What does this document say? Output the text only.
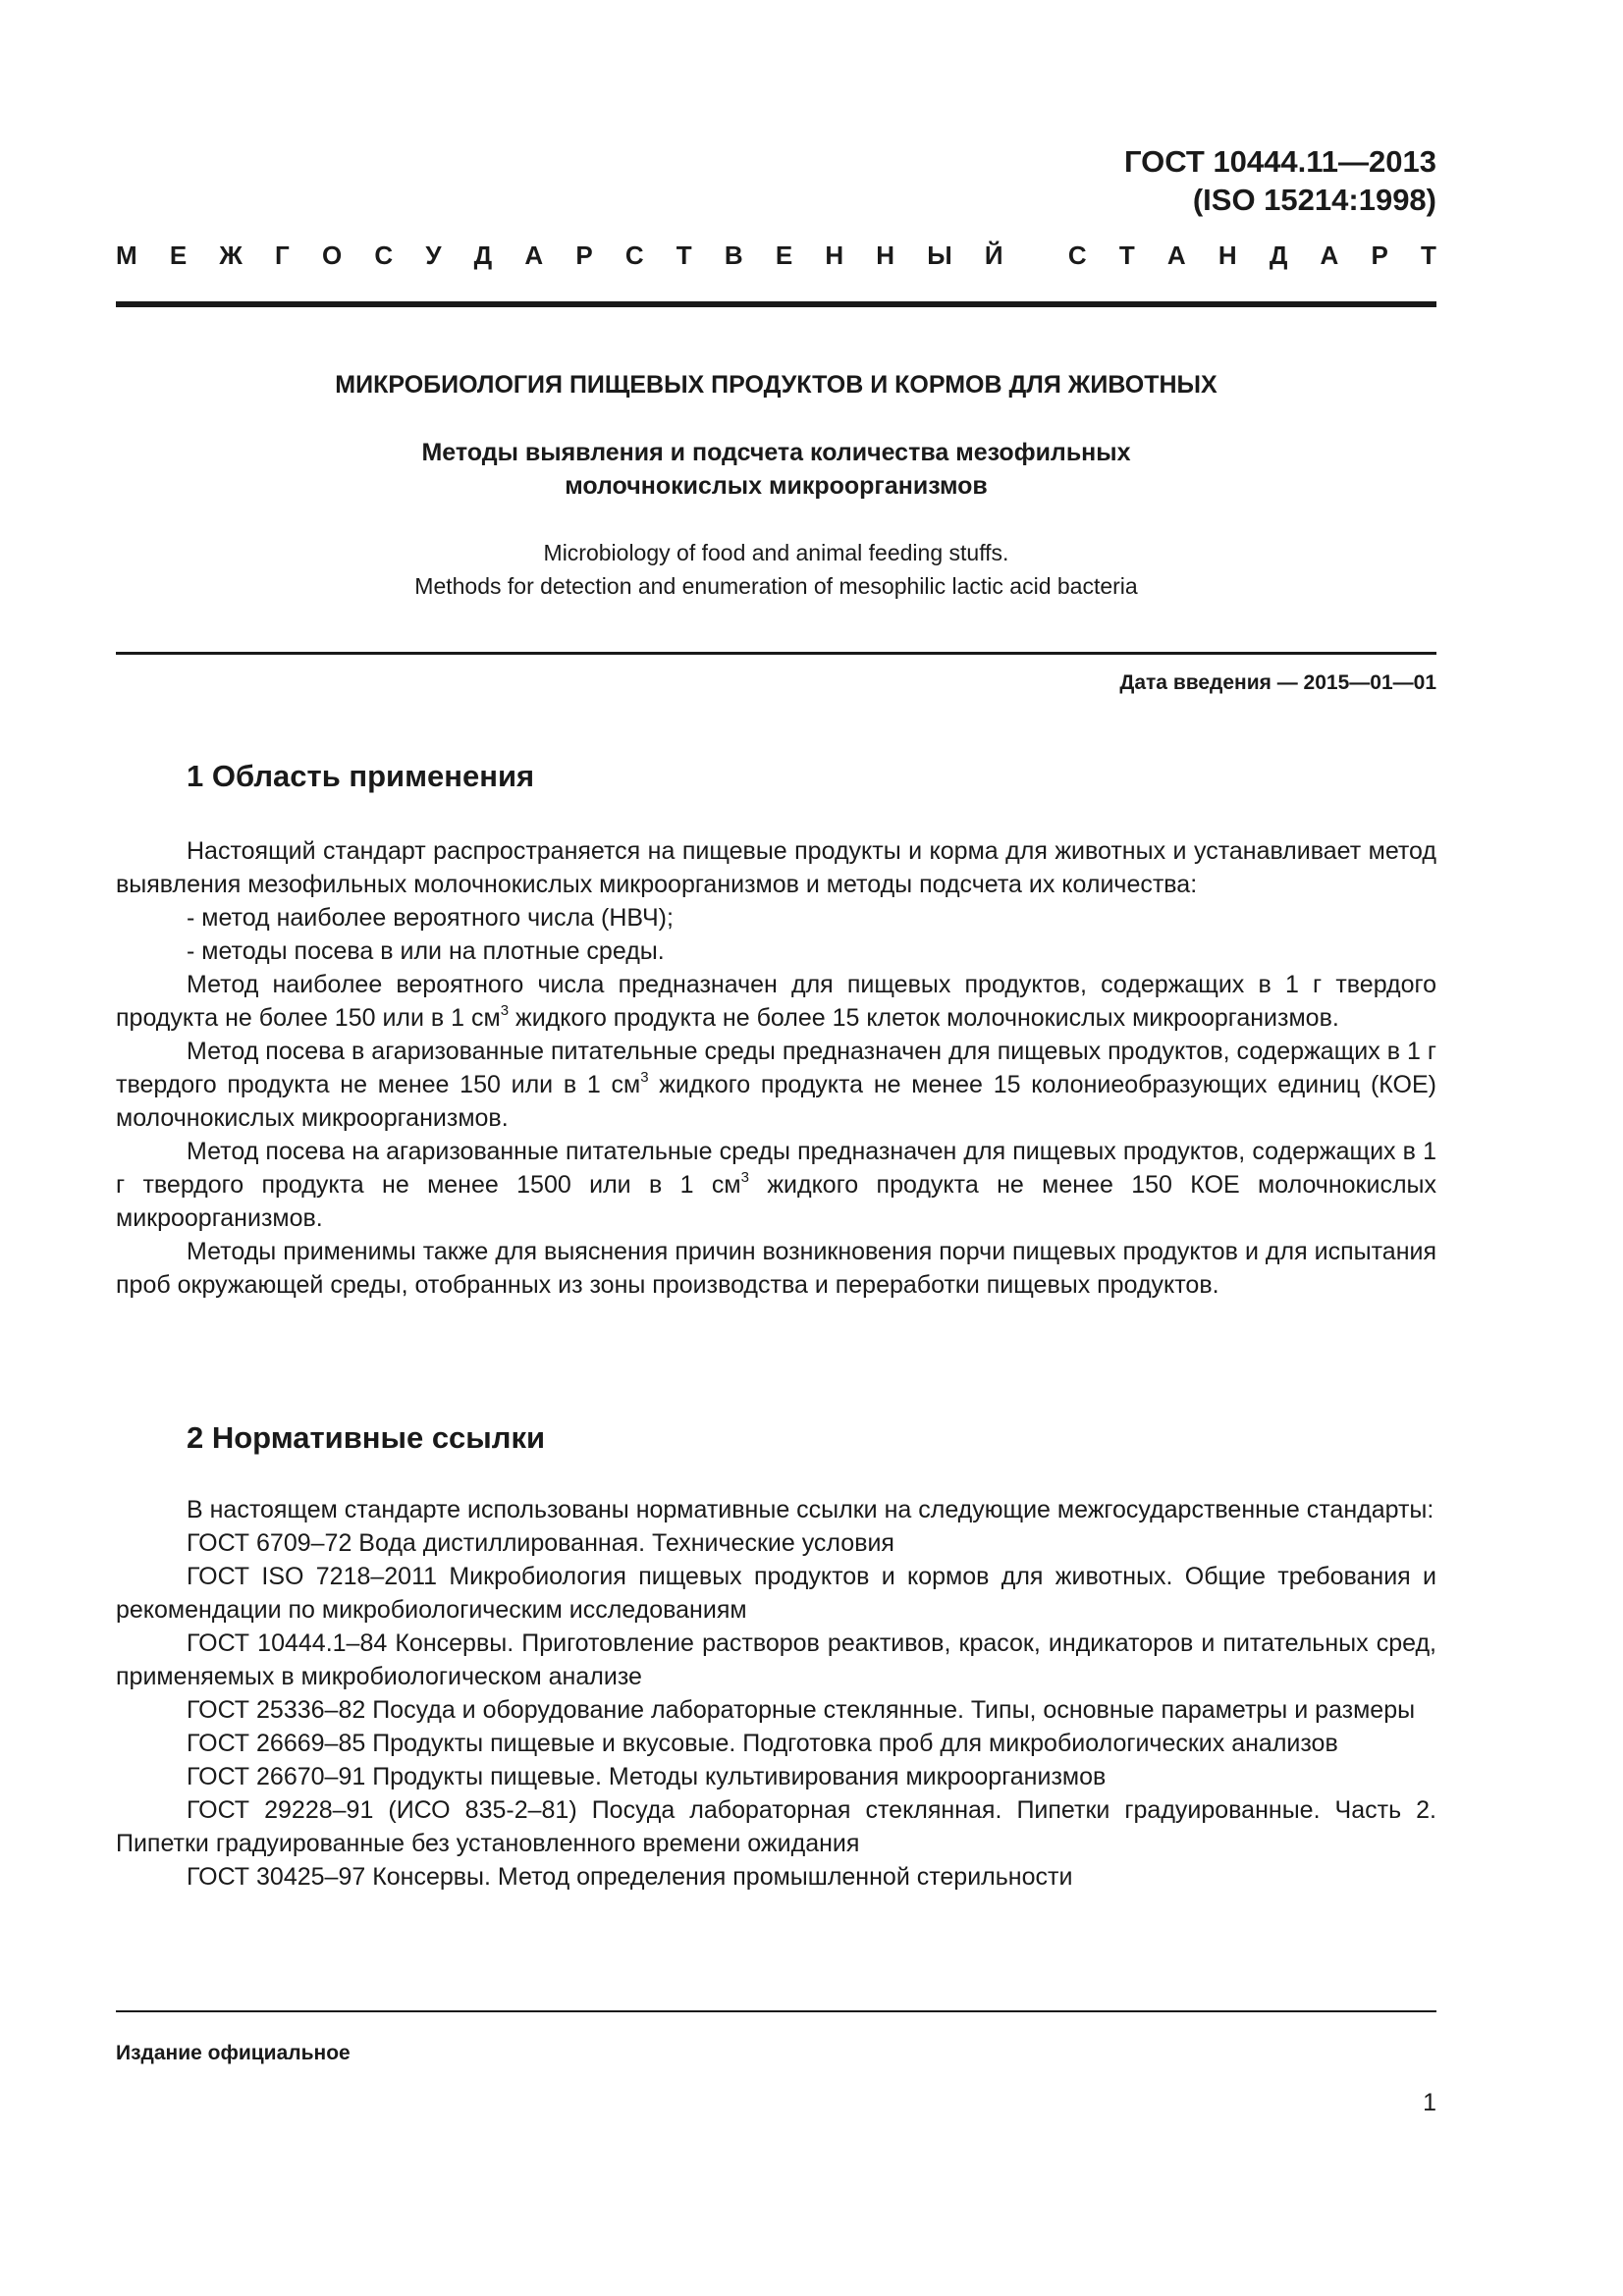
ГОСТ 10444.11—2013
(ISO 15214:1998)
М Е Ж Г О С У Д А Р С Т В Е Н Н Ы Й	С Т А Н Д А Р Т
МИКРОБИОЛОГИЯ ПИЩЕВЫХ ПРОДУКТОВ И КОРМОВ ДЛЯ ЖИВОТНЫХ
Методы выявления и подсчета количества мезофильных
молочнокислых микроорганизмов
Microbiology of food and animal feeding stuffs.
Methods for detection and enumeration of mesophilic lactic acid bacteria
Дата введения — 2015—01—01
1 Область применения

Настоящий стандарт распространяется на пищевые продукты и корма для животных и устанавливает метод выявления мезофильных молочнокислых микроорганизмов и методы подсчета их количества:

- метод наиболее вероятного числа (НВЧ);

- методы посева в или на плотные среды.

Метод наиболее вероятного числа предназначен для пищевых продуктов, содержащих в 1 г твердого продукта не более 150 или в 1 $см^3$ жидкого продукта не более 15 клеток молочнокислых микроорганизмов.

Метод посева в агаризованные питательные среды предназначен для пищевых продуктов, содержащих в 1 г твердого продукта не менее 150 или в 1 $см^3$ жидкого продукта не менее 15 колониеобразующих единиц (КОЕ) молочнокислых микроорганизмов.

Метод посева на агаризованные питательные среды предназначен для пищевых продуктов, содержащих в 1 г твердого продукта не менее 1500 или в 1 $см^3$ жидкого продукта не менее 150 КОЕ молочнокислых микроорганизмов.

Методы применимы также для выяснения причин возникновения порчи пищевых продуктов и для испытания проб окружающей среды, отобранных из зоны производства и переработки пищевых продуктов.

2 Нормативные ссылки

В настоящем стандарте использованы нормативные ссылки на следующие межгосударственные стандарты:

ГОСТ 6709–72 Вода дистиллированная. Технические условия

ГОСТ ISO 7218–2011 Микробиология пищевых продуктов и кормов для животных. Общие требования и рекомендации по микробиологическим исследованиям

ГОСТ 10444.1–84 Консервы. Приготовление растворов реактивов, красок, индикаторов и питательных сред, применяемых в микробиологическом анализе

ГОСТ 25336–82 Посуда и оборудование лабораторные стеклянные. Типы, основные параметры и размеры

ГОСТ 26669–85 Продукты пищевые и вкусовые. Подготовка проб для микробиологических анализов

ГОСТ 26670–91 Продукты пищевые. Методы культивирования микроорганизмов

ГОСТ 29228–91 (ИСО 835-2–81) Посуда лабораторная стеклянная. Пипетки градуированные. Часть 2. Пипетки градуированные без установленного времени ожидания

ГОСТ 30425–97 Консервы. Метод определения промышленной стерильности

Издание официальное
1
